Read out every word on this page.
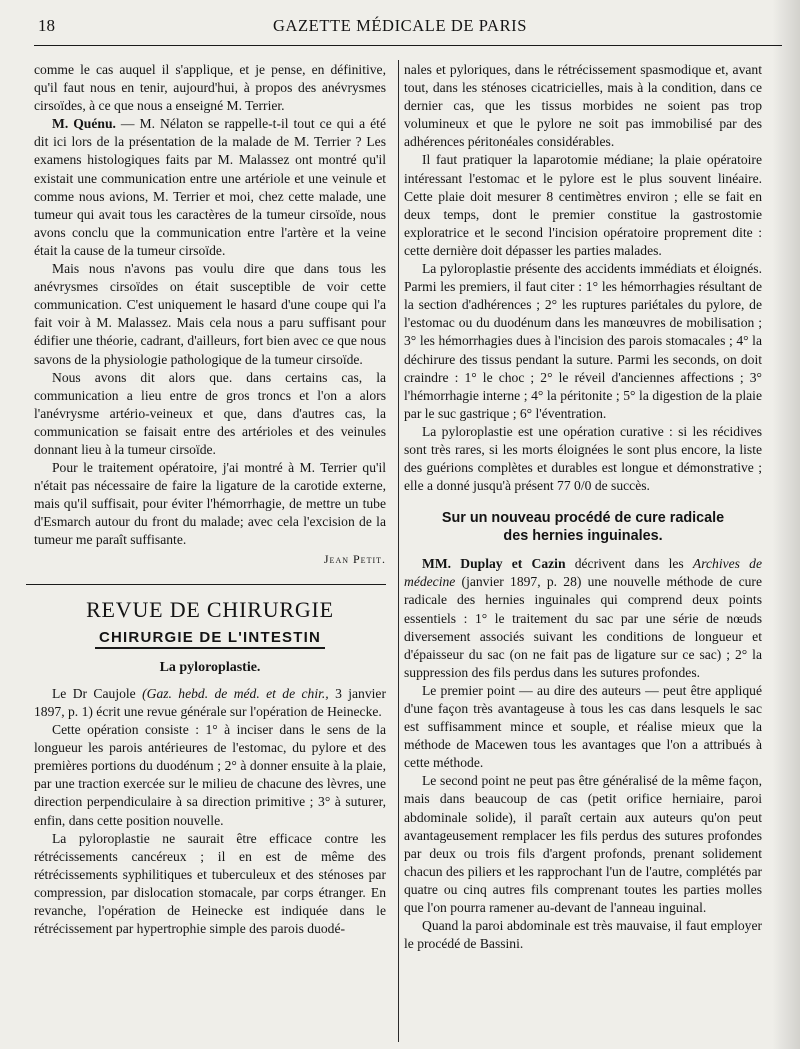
18	GAZETTE MÉDICALE DE PARIS

comme le cas auquel il s'applique, et je pense, en définitive, qu'il faut nous en tenir, aujourd'hui, à propos des anévrysmes cirsoïdes, à ce que nous a enseigné M. Terrier.

M. Quénu. — M. Nélaton se rappelle-t-il tout ce qui a été dit ici lors de la présentation de la malade de M. Terrier ? Les examens histologiques faits par M. Malassez ont montré qu'il existait une communication entre une artériole et une veinule et comme nous avions, M. Terrier et moi, chez cette malade, une tumeur qui avait tous les caractères de la tumeur cirsoïde, nous avons conclu que la communication entre l'artère et la veine était la cause de la tumeur cirsoïde.

Mais nous n'avons pas voulu dire que dans tous les anévrysmes cirsoïdes on était susceptible de voir cette communication. C'est uniquement le hasard d'une coupe qui l'a fait voir à M. Malassez. Mais cela nous a paru suffisant pour édifier une théorie, cadrant, d'ailleurs, fort bien avec ce que nous savons de la physiologie pathologique de la tumeur cirsoïde.

Nous avons dit alors que. dans certains cas, la communication a lieu entre de gros troncs et l'on a alors l'anévrysme artério-veineux et que, dans d'autres cas, la communication se faisait entre des artérioles et des veinules donnant lieu à la tumeur cirsoïde.

Pour le traitement opératoire, j'ai montré à M. Terrier qu'il n'était pas nécessaire de faire la ligature de la carotide externe, mais qu'il suffisait, pour éviter l'hémorrhagie, de mettre un tube d'Esmarch autour du front du malade; avec cela l'excision de la tumeur me paraît suffisante.

Jean Petit.
REVUE DE CHIRURGIE
CHIRURGIE DE L'INTESTIN
La pyloroplastie.

Le Dr Caujole (Gaz. hebd. de méd. et de chir., 3 janvier 1897, p. 1) écrit une revue générale sur l'opération de Heinecke.

Cette opération consiste : 1° à inciser dans le sens de la longueur les parois antérieures de l'estomac, du pylore et des premières portions du duodénum ; 2° à donner ensuite à la plaie, par une traction exercée sur le milieu de chacune des lèvres, une direction perpendiculaire à sa direction primitive ; 3° à suturer, enfin, dans cette position nouvelle.

La pyloroplastie ne saurait être efficace contre les rétrécissements cancéreux ; il en est de même des rétrécissements syphilitiques et tuberculeux et des sténoses par compression, par dislocation stomacale, par corps étranger. En revanche, l'opération de Heinecke est indiquée dans le rétrécissement par hypertrophie simple des parois duodé-

nales et pyloriques, dans le rétrécissement spasmodique et, avant tout, dans les sténoses cicatricielles, mais à la condition, dans ce dernier cas, que les tissus morbides ne soient pas trop volumineux et que le pylore ne soit pas immobilisé par des adhérences péritonéales considérables.

Il faut pratiquer la laparotomie médiane; la plaie opératoire intéressant l'estomac et le pylore est le plus souvent linéaire. Cette plaie doit mesurer 8 centimètres environ ; elle se fait en deux temps, dont le premier constitue la gastrostomie exploratrice et le second l'incision opératoire proprement dite : cette dernière doit dépasser les parties malades.

La pyloroplastie présente des accidents immédiats et éloignés. Parmi les premiers, il faut citer : 1° les hémorrhagies résultant de la section d'adhérences ; 2° les ruptures pariétales du pylore, de l'estomac ou du duodénum dans les manœuvres de mobilisation ; 3° les hémorrhagies dues à l'incision des parois stomacales ; 4° la déchirure des tissus pendant la suture. Parmi les seconds, on doit craindre : 1° le choc ; 2° le réveil d'anciennes affections ; 3° l'hémorrhagie interne ; 4° la péritonite ; 5° la digestion de la plaie par le suc gastrique ; 6° l'éventration.

La pyloroplastie est une opération curative : si les récidives sont très rares, si les morts éloignées le sont plus encore, la liste des guérions complètes et durables est longue et démonstrative ; elle a donné jusqu'à présent 77 0/0 de succès.

Sur un nouveau procédé de cure radicale
des hernies inguinales.

MM. Duplay et Cazin décrivent dans les Archives de médecine (janvier 1897, p. 28) une nouvelle méthode de cure radicale des hernies inguinales qui comprend deux points essentiels : 1° le traitement du sac par une série de nœuds diversement associés suivant les conditions de longueur et d'épaisseur du sac (on ne fait pas de ligature sur ce sac) ; 2° la suppression des fils perdus dans les sutures profondes.

Le premier point — au dire des auteurs — peut être appliqué d'une façon très avantageuse à tous les cas dans lesquels le sac est suffisamment mince et souple, et réalise mieux que la méthode de Macewen tous les avantages que l'on a attribués à cette méthode.

Le second point ne peut pas être généralisé de la même façon, mais dans beaucoup de cas (petit orifice herniaire, paroi abdominale solide), il paraît certain aux auteurs qu'on peut avantageusement remplacer les fils perdus des sutures profondes par deux ou trois fils d'argent profonds, prenant solidement chacun des piliers et les rapprochant l'un de l'autre, complétés par quatre ou cinq autres fils comprenant toutes les parties molles que l'on pourra ramener au-devant de l'anneau inguinal.

Quand la paroi abdominale est très mauvaise, il faut employer le procédé de Bassini.
